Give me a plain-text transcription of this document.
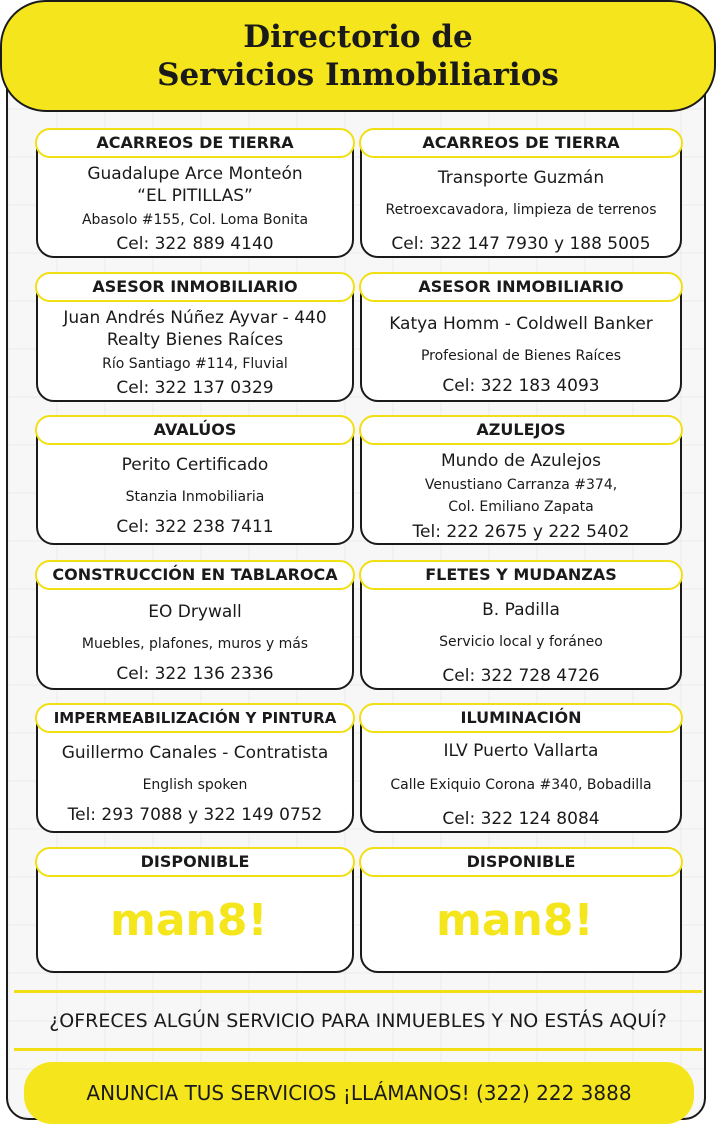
Directorio de
Servicios Inmobiliarios
ACARREOS DE TIERRA
Guadalupe Arce Monteón
“EL PITILLAS”
Abasolo #155, Col. Loma Bonita
Cel: 322 889 4140
ACARREOS DE TIERRA
Transporte Guzmán
Retroexcavadora, limpieza de terrenos
Cel: 322 147 7930 y 188 5005
ASESOR INMOBILIARIO
Juan Andrés Núñez Ayvar - 440
Realty Bienes Raíces
Río Santiago #114, Fluvial
Cel: 322 137 0329
ASESOR INMOBILIARIO
Katya Homm - Coldwell Banker
Profesional de Bienes Raíces
Cel: 322 183 4093
AVALÚOS
Perito Certificado
Stanzia Inmobiliaria
Cel: 322 238 7411
AZULEJOS
Mundo de Azulejos
Venustiano Carranza #374,
Col. Emiliano Zapata
Tel: 222 2675 y 222 5402
CONSTRUCCIÓN EN TABLAROCA
EO Drywall
Muebles, plafones, muros y más
Cel: 322 136 2336
FLETES Y MUDANZAS
B. Padilla
Servicio local y foráneo
Cel: 322 728 4726
IMPERMEABILIZACIÓN Y PINTURA
Guillermo Canales - Contratista
English spoken
Tel: 293 7088 y 322 149 0752
ILUMINACIÓN
ILV Puerto Vallarta
Calle Exiquio Corona #340, Bobadilla
Cel: 322 124 8084
DISPONIBLE
man8!
DISPONIBLE
man8!
¿OFRECES ALGÚN SERVICIO PARA INMUEBLES Y NO ESTÁS AQUÍ?
ANUNCIA TUS SERVICIOS ¡LLÁMANOS! (322) 222 3888
